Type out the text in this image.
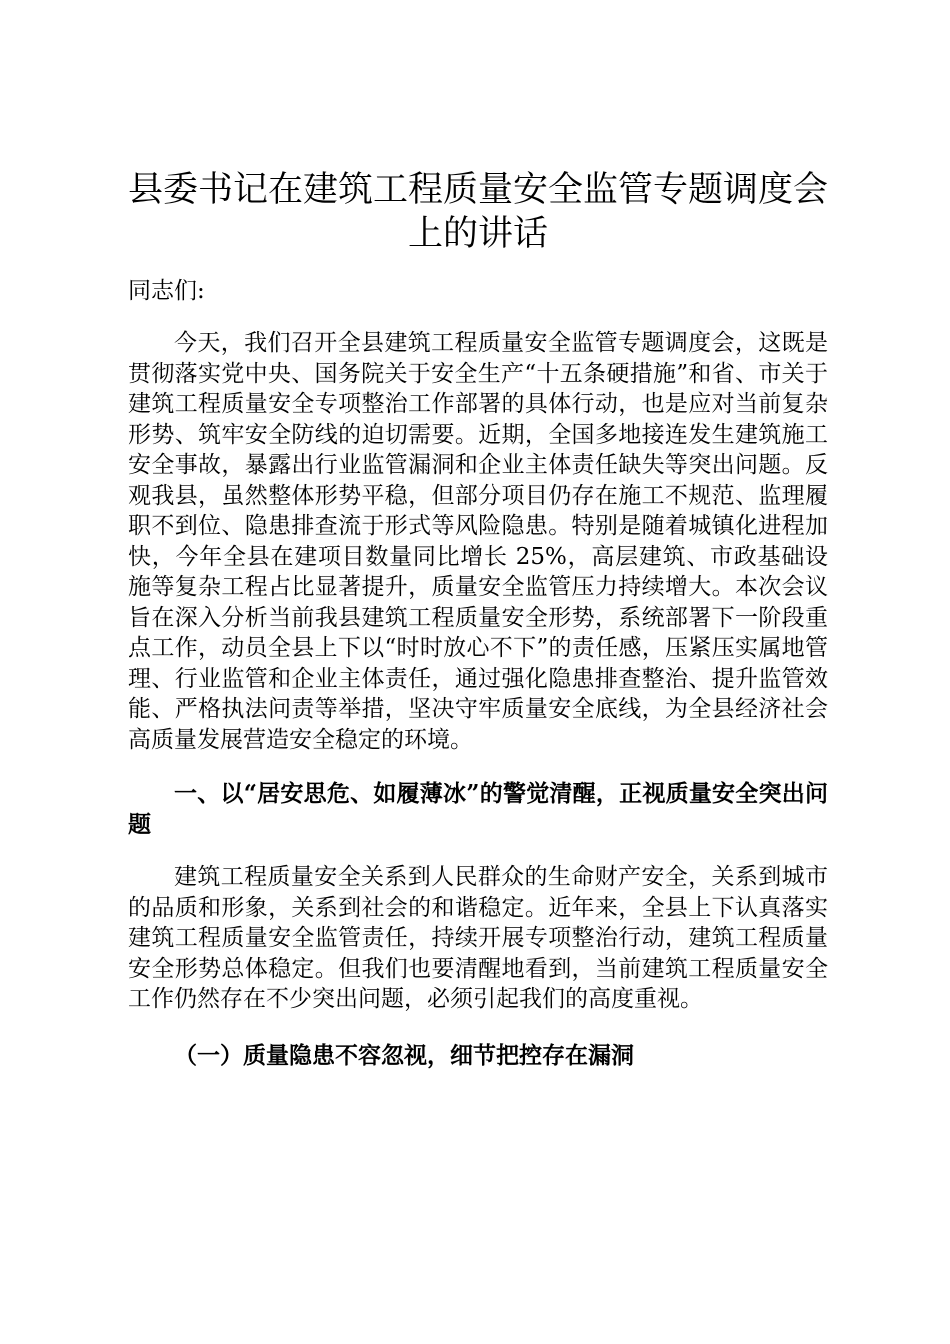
县委书记在建筑工程质量安全监管专题调度会上的讲话

同志们:

今天，我们召开全县建筑工程质量安全监管专题调度会，这既是贯彻落实党中央、国务院关于安全生产“十五条硬措施”和省、市关于建筑工程质量安全专项整治工作部署的具体行动，也是应对当前复杂形势、筑牢安全防线的迫切需要。近期，全国多地接连发生建筑施工安全事故，暴露出行业监管漏洞和企业主体责任缺失等突出问题。反观我县，虽然整体形势平稳，但部分项目仍存在施工不规范、监理履职不到位、隐患排查流于形式等风险隐患。特别是随着城镇化进程加快，今年全县在建项目数量同比增长 25%，高层建筑、市政基础设施等复杂工程占比显著提升，质量安全监管压力持续增大。本次会议旨在深入分析当前我县建筑工程质量安全形势，系统部署下一阶段重点工作，动员全县上下以“时时放心不下”的责任感，压紧压实属地管理、行业监管和企业主体责任，通过强化隐患排查整治、提升监管效能、严格执法问责等举措，坚决守牢质量安全底线，为全县经济社会高质量发展营造安全稳定的环境。

一、以“居安思危、如履薄冰”的警觉清醒，正视质量安全突出问题

建筑工程质量安全关系到人民群众的生命财产安全，关系到城市的品质和形象，关系到社会的和谐稳定。近年来，全县上下认真落实建筑工程质量安全监管责任，持续开展专项整治行动，建筑工程质量安全形势总体稳定。但我们也要清醒地看到，当前建筑工程质量安全工作仍然存在不少突出问题，必须引起我们的高度重视。

（一）质量隐患不容忽视，细节把控存在漏洞
